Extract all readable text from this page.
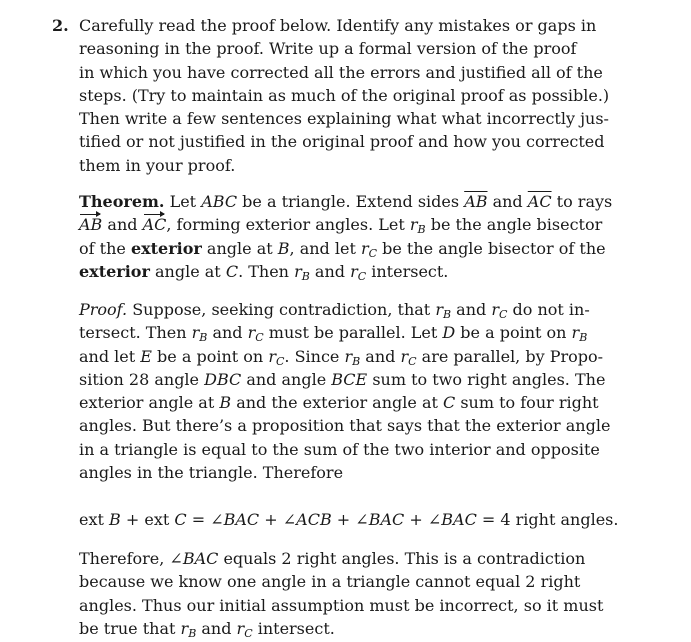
2. Carefully read the proof below. Identify any mistakes or gaps in
reasoning in the proof. Write up a formal version of the proof
in which you have corrected all the errors and justified all of the
steps. (Try to maintain as much of the original proof as possible.)
Then write a few sentences explaining what what incorrectly jus-
tified or not justified in the original proof and how you corrected
them in your proof.
Theorem. Let ABC be a triangle. Extend sides $\overline{AB}$ and $\overline{AC}$ to rays
AB and AC, forming exterior angles. Let $r_B$ be the angle bisector
of the exterior angle at B, and let $r_C$ be the angle bisector of the
exterior angle at C. Then $r_B$ and $r_C$ intersect.
Proof. Suppose, seeking contradiction, that $r_B$ and $r_C$ do not in-
tersect. Then $r_B$ and $r_C$ must be parallel. Let D be a point on $r_B$
and let E be a point on $r_C$. Since $r_B$ and $r_C$ are parallel, by Propo-
sition 28 angle DBC and angle BCE sum to two right angles. The
exterior angle at B and the exterior angle at C sum to four right
angles. But there’s a proposition that says that the exterior angle
in a triangle is equal to the sum of the two interior and opposite
angles in the triangle. Therefore
ext B + ext C = ∠BAC + ∠ACB + ∠BAC + ∠BAC = 4 right angles.
Therefore, ∠BAC equals 2 right angles. This is a contradiction
because we know one angle in a triangle cannot equal 2 right
angles. Thus our initial assumption must be incorrect, so it must
be true that $r_B$ and $r_C$ intersect.
